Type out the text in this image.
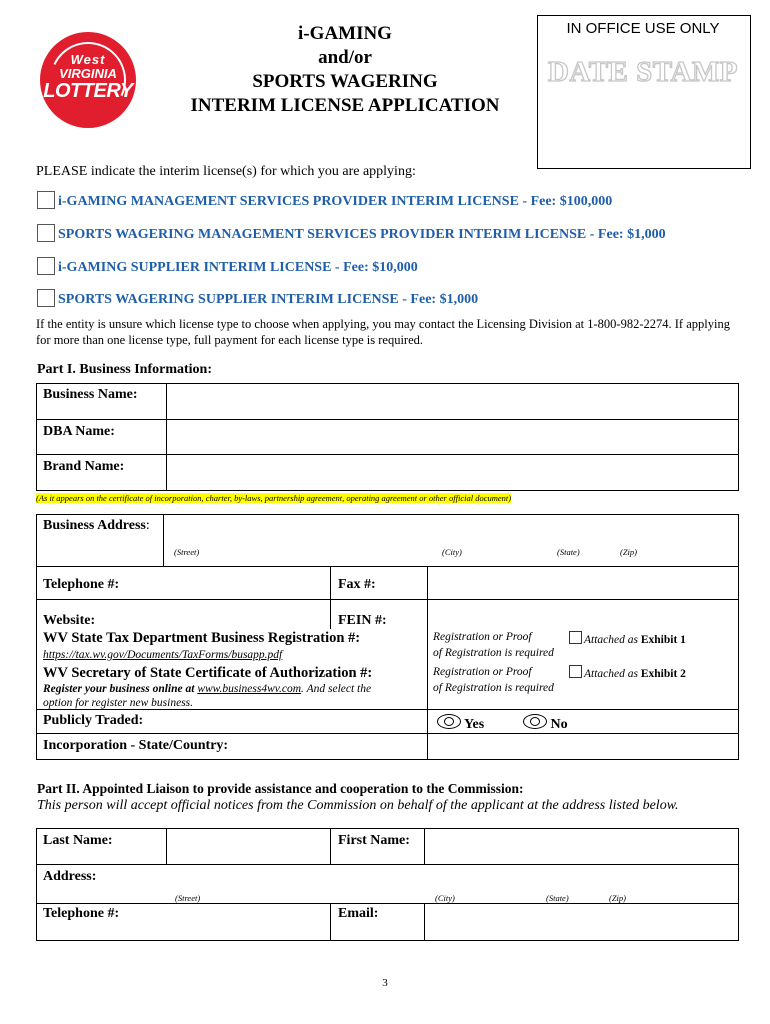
West
VIRGINIA
LOTTERY
i-GAMING
and/or
SPORTS WAGERING
INTERIM LICENSE APPLICATION
IN OFFICE USE ONLY
DATE STAMP
PLEASE indicate the interim license(s) for which you are applying:
i-GAMING MANAGEMENT SERVICES PROVIDER INTERIM LICENSE - Fee: $100,000
SPORTS WAGERING MANAGEMENT SERVICES PROVIDER INTERIM LICENSE - Fee: $1,000
i-GAMING SUPPLIER INTERIM LICENSE - Fee: $10,000
SPORTS WAGERING SUPPLIER INTERIM LICENSE - Fee: $1,000
If the entity is unsure which license type to choose when applying, you may contact the Licensing Division at 1-800-982-2274. If applying for more than one license type, full payment for each license type is required.
Part I. Business Information:
Business Name:
DBA Name:
Brand Name:
(As it appears on the certificate of incorporation, charter, by-laws, partnership agreement, operating agreement or other official document)
Business Address:
(Street)	(City)	(State)	(Zip)
Telephone #:	Fax #:
Website:	FEIN #:
WV State Tax Department Business Registration #:
https://tax.wv.gov/Documents/TaxForms/busapp.pdf
Registration or Proof
of Registration is required
Attached as Exhibit 1
WV Secretary of State Certificate of Authorization #:
Register your business online at www.business4wv.com. And select the
option for register new business.
Registration or Proof
of Registration is required
Attached as Exhibit 2
Publicly Traded:	Yes	No
Incorporation - State/Country:
Part II. Appointed Liaison to provide assistance and cooperation to the Commission:
This person will accept official notices from the Commission on behalf of the applicant at the address listed below.
Last Name:	First Name:
Address:
(Street)	(City)	(State)	(Zip)
Telephone #:	Email:
3
